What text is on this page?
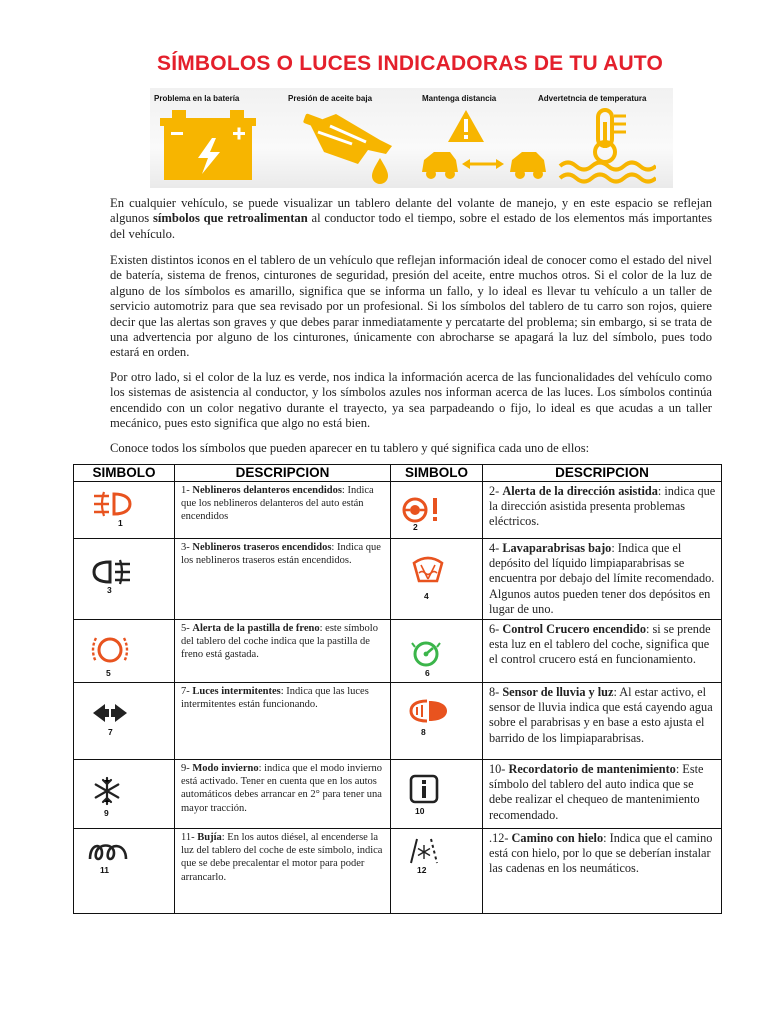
SÍMBOLOS O LUCES INDICADORAS DE TU AUTO
Problema en la batería	Presión de aceite baja	Mantenga distancia	Advertetncia de temperatura

En cualquier vehículo, se puede visualizar un tablero delante del volante de manejo, y en este espacio se reflejan algunos símbolos que retroalimentan al conductor todo el tiempo, sobre el estado de los elementos más importantes del vehículo.

Existen distintos iconos en el tablero de un vehículo que reflejan información ideal de conocer como el estado del nivel de batería, sistema de frenos, cinturones de seguridad, presión del aceite, entre muchos otros. Si el color de la luz de alguno de los símbolos es amarillo, significa que se informa un fallo, y lo ideal es llevar tu vehículo a un taller de servicio automotriz para que sea revisado por un profesional. Si los símbolos del tablero de tu carro son rojos, quiere decir que las alertas son graves y que debes parar inmediatamente y percatarte del problema; sin embargo, si se trata de una advertencia por alguno de los cinturones, únicamente con abrocharse se apagará la luz del símbolo, pues todo estará en orden.

Por otro lado, si el color de la luz es verde, nos indica la información acerca de las funcionalidades del vehículo como los sistemas de asistencia al conductor, y los símbolos azules nos informan acerca de las luces. Los símbolos continúa encendido con un color negativo durante el trayecto, ya sea parpadeando o fijo, lo ideal es que acudas a un taller mecánico, pues esto significa que algo no está bien.

Conoce todos los símbolos que pueden aparecer en tu tablero y qué significa cada uno de ellos:

SIMBOLO	DESCRIPCION	SIMBOLO	DESCRIPCION

1	1- Neblineros delanteros encendidos: Indica que los neblineros delanteros del auto están encendidos	2	2- Alerta de la dirección asistida: indica que la dirección asistida presenta problemas eléctricos.

3	3- Neblineros traseros encendidos: Indica que los neblineros traseros están encendidos.	4	4- Lavaparabrisas bajo: Indica que el depósito del líquido limpiaparabrisas se encuentra por debajo del límite recomendado. Algunos autos pueden tener dos depósitos en lugar de uno.

5	5- Alerta de la pastilla de freno: este símbolo del tablero del coche indica que la pastilla de freno está gastada.	6	6- Control Crucero encendido: si se prende esta luz en el tablero del coche, significa que el control crucero está en funcionamiento.

7	7- Luces intermitentes: Indica que las luces intermitentes están funcionando.	8	8- Sensor de lluvia y luz: Al estar activo, el sensor de lluvia indica que está cayendo agua sobre el parabrisas y en base a esto ajusta el barrido de los limpiaparabrisas.

9	9- Modo invierno: indica que el modo invierno está activado. Tener en cuenta que en los autos automáticos debes arrancar en 2° para tener una mayor tracción.	10	10- Recordatorio de mantenimiento: Este símbolo del tablero del auto indica que se debe realizar el chequeo de mantenimiento recomendado.

11	11- Bujía: En los autos diésel, al encenderse la luz del tablero del coche de este símbolo, indica que se debe precalentar el motor para poder arrancarlo.	12	.12- Camino con hielo: Indica que el camino está con hielo, por lo que se deberían instalar las cadenas en los neumáticos.
